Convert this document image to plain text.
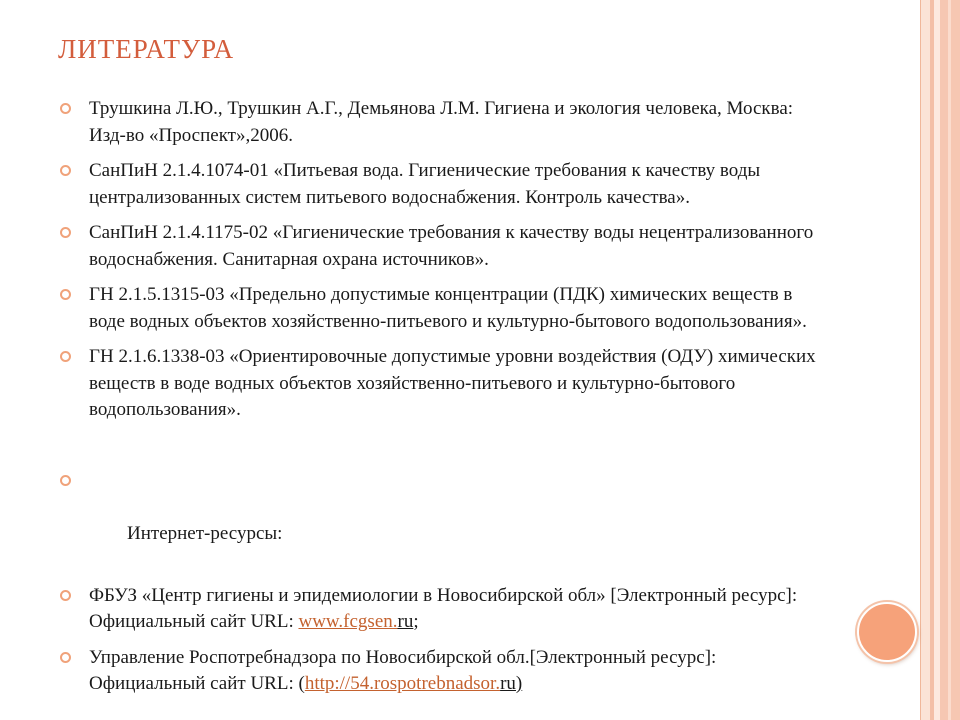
ЛИТЕРАТУРА
Трушкина Л.Ю., Трушкин А.Г., Демьянова Л.М. Гигиена и экология человека, Москва: Изд-во «Проспект»,2006.
СанПиН 2.1.4.1074-01 «Питьевая вода. Гигиенические требования к качеству воды централизованных систем питьевого водоснабжения. Контроль качества».
СанПиН 2.1.4.1175-02 «Гигиенические требования к качеству воды нецентрализованного водоснабжения. Санитарная охрана источников».
ГН 2.1.5.1315-03 «Предельно допустимые концентрации (ПДК) химических веществ в воде водных объектов хозяйственно-питьевого и культурно-бытового водопользования».
ГН 2.1.6.1338-03 «Ориентировочные допустимые уровни воздействия (ОДУ) химических веществ в воде водных объектов хозяйственно-питьевого и культурно-бытового водопользования».

Интернет-ресурсы:

ФБУЗ «Центр гигиены и эпидемиологии в Новосибирской обл» [Электронный ресурс]: Официальный сайт URL: www.fcgsen.ru;
Управление Роспотребнадзора по Новосибирской обл.[Электронный ресурс]: Официальный сайт URL: (http://54.rospotrebnadsor.ru)
